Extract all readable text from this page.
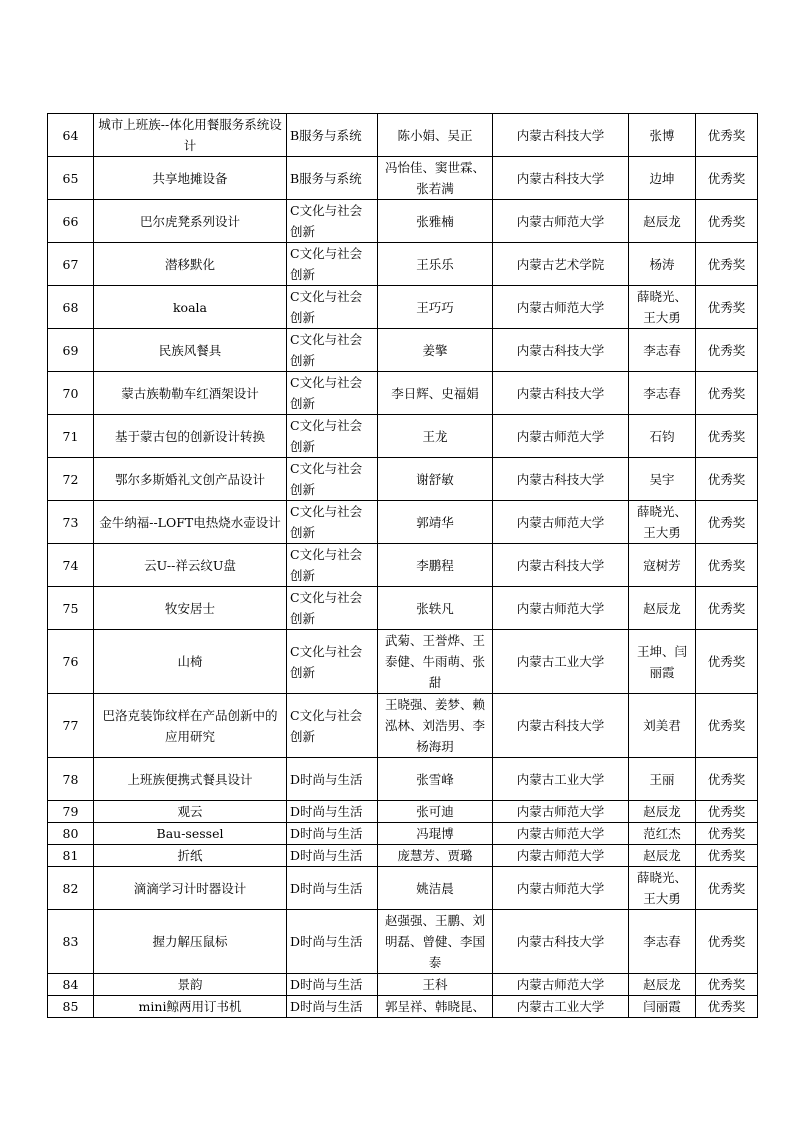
64	城市上班族--体化用餐服务系统设计	B服务与系统	陈小娟、吴正	内蒙古科技大学	张博	优秀奖
65	共享地摊设备	B服务与系统	冯怡佳、窦世霖、张若满	内蒙古科技大学	边坤	优秀奖
66	巴尔虎凳系列设计	C文化与社会创新	张雅楠	内蒙古师范大学	赵辰龙	优秀奖
67	潜移默化	C文化与社会创新	王乐乐	内蒙古艺术学院	杨涛	优秀奖
68	koala	C文化与社会创新	王巧巧	内蒙古师范大学	薛晓光、王大勇	优秀奖
69	民族风餐具	C文化与社会创新	姜擎	内蒙古科技大学	李志春	优秀奖
70	蒙古族勒勒车红酒架设计	C文化与社会创新	李日辉、史福娟	内蒙古科技大学	李志春	优秀奖
71	基于蒙古包的创新设计转换	C文化与社会创新	王龙	内蒙古师范大学	石钧	优秀奖
72	鄂尔多斯婚礼文创产品设计	C文化与社会创新	谢舒敏	内蒙古科技大学	吴宇	优秀奖
73	金牛纳福--LOFT电热烧水壶设计	C文化与社会创新	郭靖华	内蒙古师范大学	薛晓光、王大勇	优秀奖
74	云U--祥云纹U盘	C文化与社会创新	李鹏程	内蒙古科技大学	寇树芳	优秀奖
75	牧安居士	C文化与社会创新	张轶凡	内蒙古师范大学	赵辰龙	优秀奖
76	山椅	C文化与社会创新	武菊、王誉烨、王泰健、牛雨萌、张甜	内蒙古工业大学	王坤、闫丽霞	优秀奖
77	巴洛克装饰纹样在产品创新中的应用研究	C文化与社会创新	王晓强、姜梦、赖泓林、刘浩男、李杨海玥	内蒙古科技大学	刘美君	优秀奖
78	上班族便携式餐具设计	D时尚与生活	张雪峰	内蒙古工业大学	王丽	优秀奖
79	观云	D时尚与生活	张可迪	内蒙古师范大学	赵辰龙	优秀奖
80	Bau-sessel	D时尚与生活	冯琨博	内蒙古师范大学	范红杰	优秀奖
81	折纸	D时尚与生活	庞慧芳、贾璐	内蒙古师范大学	赵辰龙	优秀奖
82	滴滴学习计时器设计	D时尚与生活	姚洁晨	内蒙古师范大学	薛晓光、王大勇	优秀奖
83	握力解压鼠标	D时尚与生活	赵强强、王鹏、刘明磊、曾健、李国泰	内蒙古科技大学	李志春	优秀奖
84	景韵	D时尚与生活	王科	内蒙古师范大学	赵辰龙	优秀奖
85	mini鲸两用订书机	D时尚与生活	郭呈祥、韩晓昆、	内蒙古工业大学	闫丽霞	优秀奖
